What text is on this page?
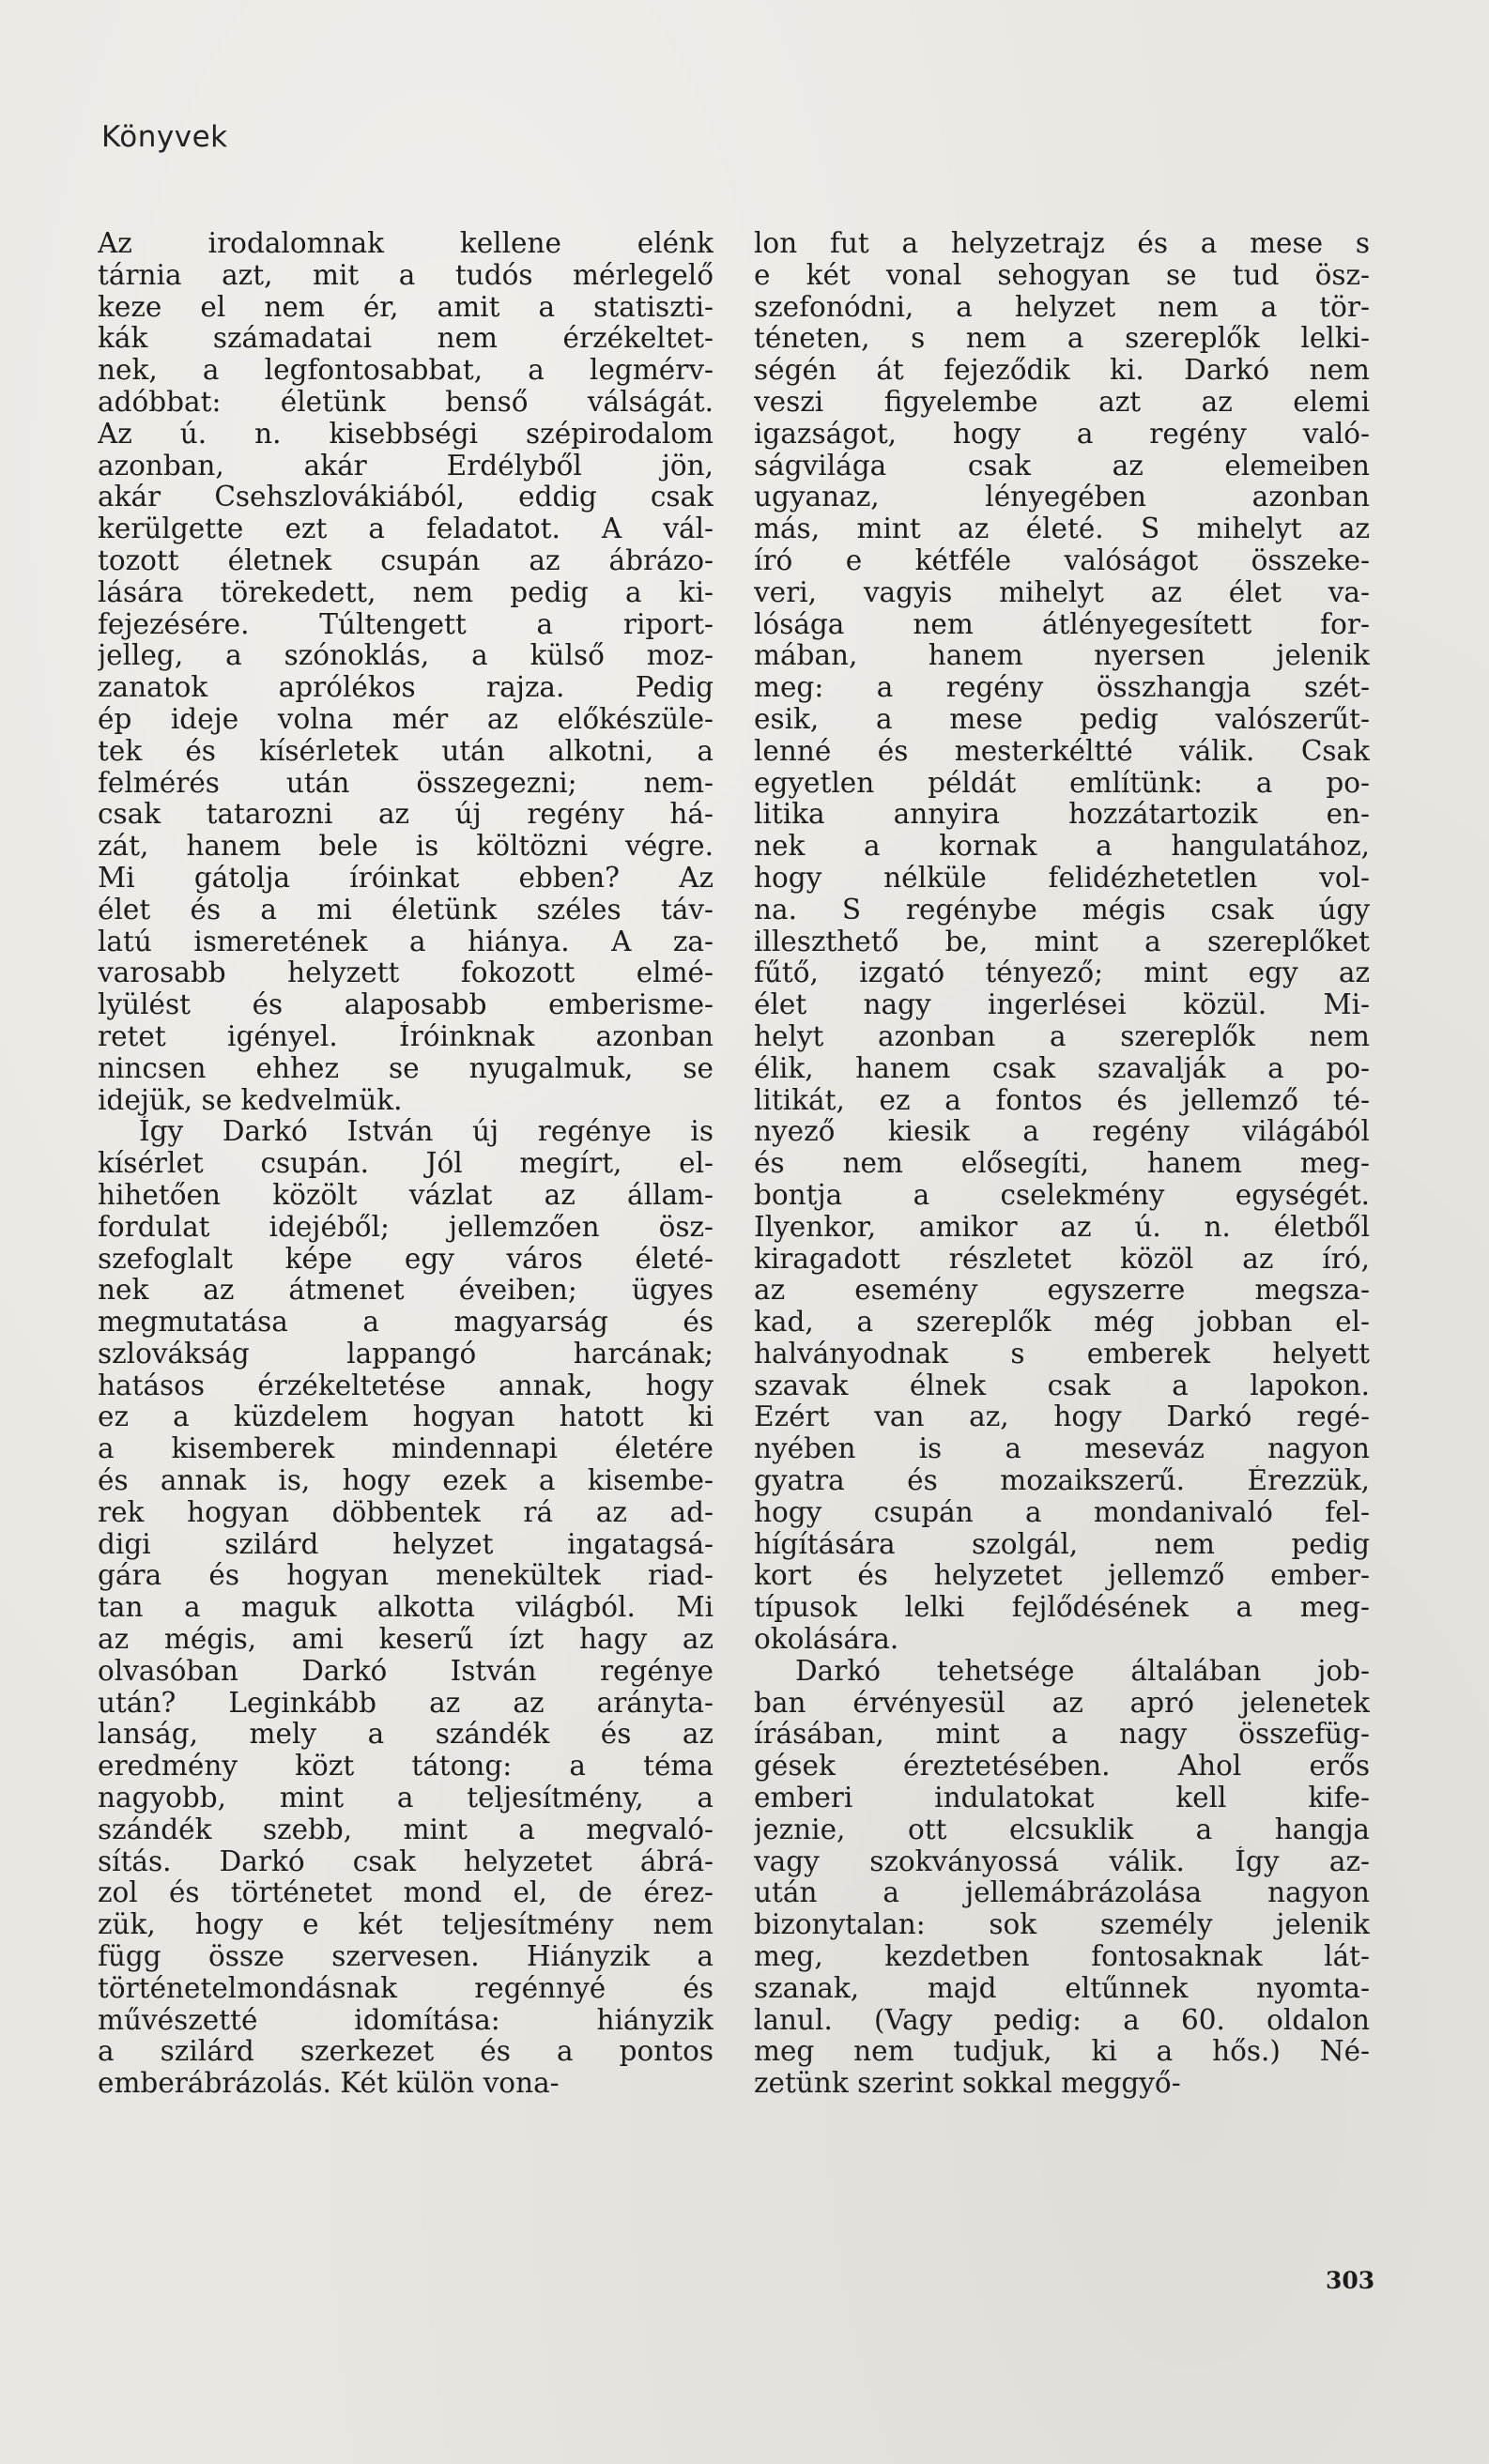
Könyvek
Az irodalomnak kellene elénk
tárnia azt, mit a tudós mérlegelő
keze el nem ér, amit a statiszti-
kák számadatai nem érzékeltet-
nek, a legfontosabbat, a legmérv-
adóbbat: életünk benső válságát.
Az ú. n. kisebbségi szépirodalom
azonban, akár Erdélyből jön,
akár Csehszlovákiából, eddig csak
kerülgette ezt a feladatot. A vál-
tozott életnek csupán az ábrázo-
lására törekedett, nem pedig a ki-
fejezésére. Túltengett a riport-
jelleg, a szónoklás, a külső moz-
zanatok aprólékos rajza. Pedig
ép ideje volna mér az előkészüle-
tek és kísérletek után alkotni, a
felmérés után összegezni; nem-
csak tatarozni az új regény há-
zát, hanem bele is költözni végre.
Mi gátolja íróinkat ebben? Az
élet és a mi életünk széles táv-
latú ismeretének a hiánya. A za-
varosabb helyzett fokozott elmé-
lyülést és alaposabb emberisme-
retet igényel. Íróinknak azonban
nincsen ehhez se nyugalmuk, se
idejük, se kedvelmük.
Így Darkó István új regénye is
kísérlet csupán. Jól megírt, el-
hihetően közölt vázlat az állam-
fordulat idejéből; jellemzően ösz-
szefoglalt képe egy város életé-
nek az átmenet éveiben; ügyes
megmutatása a magyarság és
szlovákság lappangó harcának;
hatásos érzékeltetése annak, hogy
ez a küzdelem hogyan hatott ki
a kisemberek mindennapi életére
és annak is, hogy ezek a kisembe-
rek hogyan döbbentek rá az ad-
digi szilárd helyzet ingatagsá-
gára és hogyan menekültek riad-
tan a maguk alkotta világból. Mi
az mégis, ami keserű ízt hagy az
olvasóban Darkó István regénye
után? Leginkább az az arányta-
lanság, mely a szándék és az
eredmény közt tátong: a téma
nagyobb, mint a teljesítmény, a
szándék szebb, mint a megvaló-
sítás. Darkó csak helyzetet ábrá-
zol és történetet mond el, de érez-
zük, hogy e két teljesítmény nem
függ össze szervesen. Hiányzik a
történetelmondásnak regénnyé és
művészetté idomítása: hiányzik
a szilárd szerkezet és a pontos
emberábrázolás. Két külön vona-
lon fut a helyzetrajz és a mese s
e két vonal sehogyan se tud ösz-
szefonódni, a helyzet nem a tör-
téneten, s nem a szereplők lelki-
ségén át fejeződik ki. Darkó nem
veszi figyelembe azt az elemi
igazságot, hogy a regény való-
ságvilága csak az elemeiben
ugyanaz, lényegében azonban
más, mint az életé. S mihelyt az
író e kétféle valóságot összeke-
veri, vagyis mihelyt az élet va-
lósága nem átlényegesített for-
mában, hanem nyersen jelenik
meg: a regény összhangja szét-
esik, a mese pedig valószerűt-
lenné és mesterkéltté válik. Csak
egyetlen példát említünk: a po-
litika annyira hozzátartozik en-
nek a kornak a hangulatához,
hogy nélküle felidézhetetlen vol-
na. S regénybe mégis csak úgy
illeszthető be, mint a szereplőket
fűtő, izgató tényező; mint egy az
élet nagy ingerlései közül. Mi-
helyt azonban a szereplők nem
élik, hanem csak szavalják a po-
litikát, ez a fontos és jellemző té-
nyező kiesik a regény világából
és nem elősegíti, hanem meg-
bontja a cselekmény egységét.
Ilyenkor, amikor az ú. n. életből
kiragadott részletet közöl az író,
az esemény egyszerre megsza-
kad, a szereplők még jobban el-
halványodnak s emberek helyett
szavak élnek csak a lapokon.
Ezért van az, hogy Darkó regé-
nyében is a meseváz nagyon
gyatra és mozaikszerű. Érezzük,
hogy csupán a mondanivaló fel-
hígítására szolgál, nem pedig
kort és helyzetet jellemző ember-
típusok lelki fejlődésének a meg-
okolására.
Darkó tehetsége általában job-
ban érvényesül az apró jelenetek
írásában, mint a nagy összefüg-
gések éreztetésében. Ahol erős
emberi indulatokat kell kife-
jeznie, ott elcsuklik a hangja
vagy szokványossá válik. Így az-
után a jellemábrázolása nagyon
bizonytalan: sok személy jelenik
meg, kezdetben fontosaknak lát-
szanak, majd eltűnnek nyomta-
lanul. (Vagy pedig: a 60. oldalon
meg nem tudjuk, ki a hős.) Né-
zetünk szerint sokkal meggyő-
303
